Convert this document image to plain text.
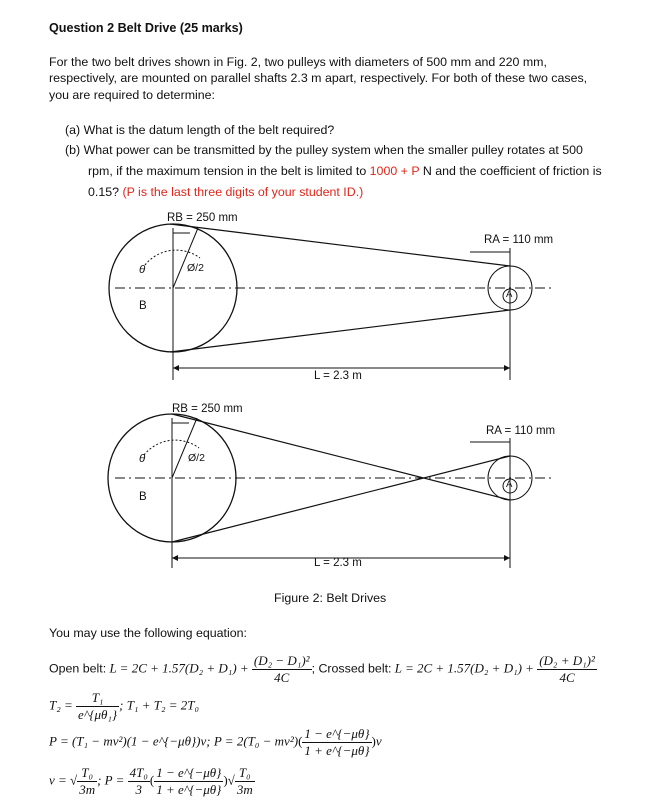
Question 2 Belt Drive (25 marks)
For the two belt drives shown in Fig. 2, two pulleys with diameters of 500 mm and 220 mm,
respectively, are mounted on parallel shafts 2.3 m apart, respectively. For both of these two cases,
you are required to determine:
(a) What is the datum length of the belt required?
(b) What power can be transmitted by the pulley system when the smaller pulley rotates at 500
rpm, if the maximum tension in the belt is limited to 1000 + P N and the coefficient of friction is
0.15? (P is the last three digits of your student ID.)
RB = 250 mm
RA = 110 mm
θ	Ø/2
B
A
L = 2.3 m
RB = 250 mm
RA = 110 mm
θ	Ø/2
B
A
L = 2.3 m
Figure 2: Belt Drives
You may use the following equation:
Open belt: $L = 2C + 1.57(D_2 + D_1) + \frac{\text{(D₂ − D₁)²}}{4C}$ ; Crossed belt: $L = 2C + 1.57(D_2 + D_1) + \frac{\text{(D₂ + D₁)²}}{4C}$
$T_2 = \frac{\text{T₁}}{\text{e\textasciicircum{}\{μθ₁\}}}$ ; T₁ + T₂ = 2T₀
P = (T₁ − mv²)(1 − e^{−μθ})v; $P = 2(T_0 - mv^2)( \frac{1 - e\^{}\{-\mu\theta\}}{1 + e\^{}\{-\mu\theta\}} )v$
v = √ $\frac{\text{T₀}}{3m}$ ; $P = \frac{\text{4T₀}}{3}$ ( $\frac{1 - e\^{}\{-\mu\theta\}}{1 + e\^{}\{-\mu\theta\}}$ )√ $\frac{\text{T₀}}{3m}$
